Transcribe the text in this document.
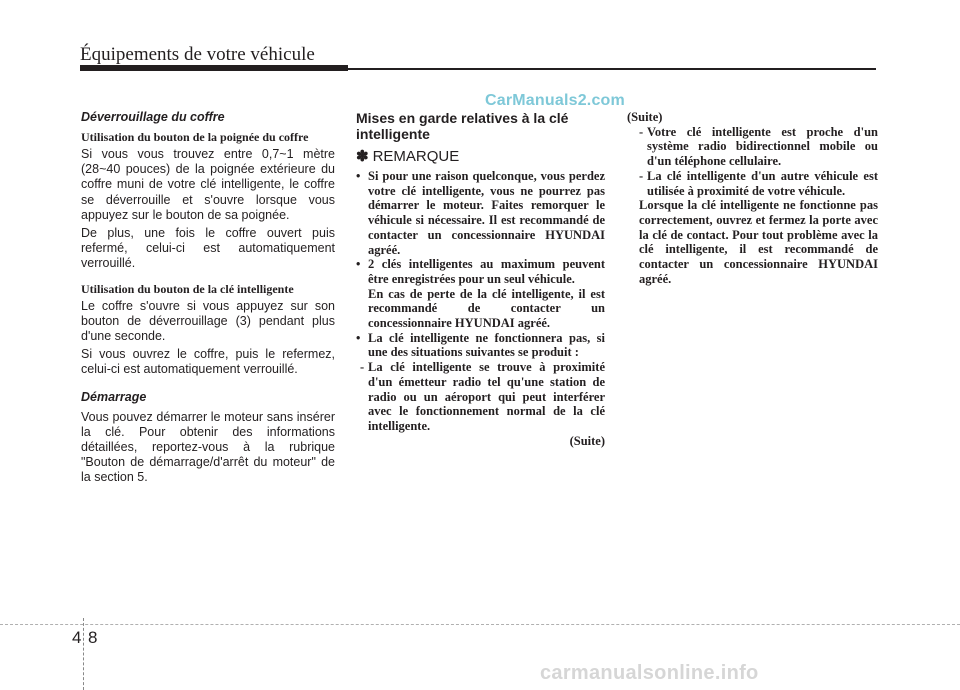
Équipements de votre véhicule
CarManuals2.com
Déverrouillage du coffre
Utilisation du bouton de la poignée du coffre

Si vous vous trouvez entre 0,7~1 mètre (28~40 pouces) de la poignée extérieure du coffre muni de votre clé intelligente, le coffre se déverrouille et s'ouvre lorsque vous appuyez sur le bouton de sa poignée.

De plus, une fois le coffre ouvert puis refermé, celui-ci est automatiquement verrouillé.

Utilisation du bouton de la clé intelligente

Le coffre s'ouvre si vous appuyez sur son bouton de déverrouillage (3) pendant plus d'une seconde.

Si vous ouvrez le coffre, puis le refermez, celui-ci est automatiquement verrouillé.

Démarrage

Vous pouvez démarrer le moteur sans insérer la clé. Pour obtenir des informations détaillées, reportez-vous à la rubrique "Bouton de démarrage/d'arrêt du moteur" de la section 5.

Mises en garde relatives à la clé intelligente
✽ REMARQUE
• Si pour une raison quelconque, vous perdez votre clé intelligente, vous ne pourrez pas démarrer le moteur. Faites remorquer le véhicule si nécessaire. Il est recommandé de contacter un concessionnaire HYUNDAI agréé.
• 2 clés intelligentes au maximum peuvent être enregistrées pour un seul véhicule.
En cas de perte de la clé intelligente, il est recommandé de contacter un concessionnaire HYUNDAI agréé.
• La clé intelligente ne fonctionnera pas, si une des situations suivantes se produit :
- La clé intelligente se trouve à proximité d'un émetteur radio tel qu'une station de radio ou un aéroport qui peut interférer avec le fonctionnement normal de la clé intelligente.
(Suite)
(Suite)
- Votre clé intelligente est proche d'un système radio bidirectionnel mobile ou d'un téléphone cellulaire.
- La clé intelligente d'un autre véhicule est utilisée à proximité de votre véhicule.
Lorsque la clé intelligente ne fonctionne pas correctement, ouvrez et fermez la porte avec la clé de contact. Pour tout problème avec la clé intelligente, il est recommandé de contacter un concessionnaire HYUNDAI agréé.
4 8
carmanualsonline.info
